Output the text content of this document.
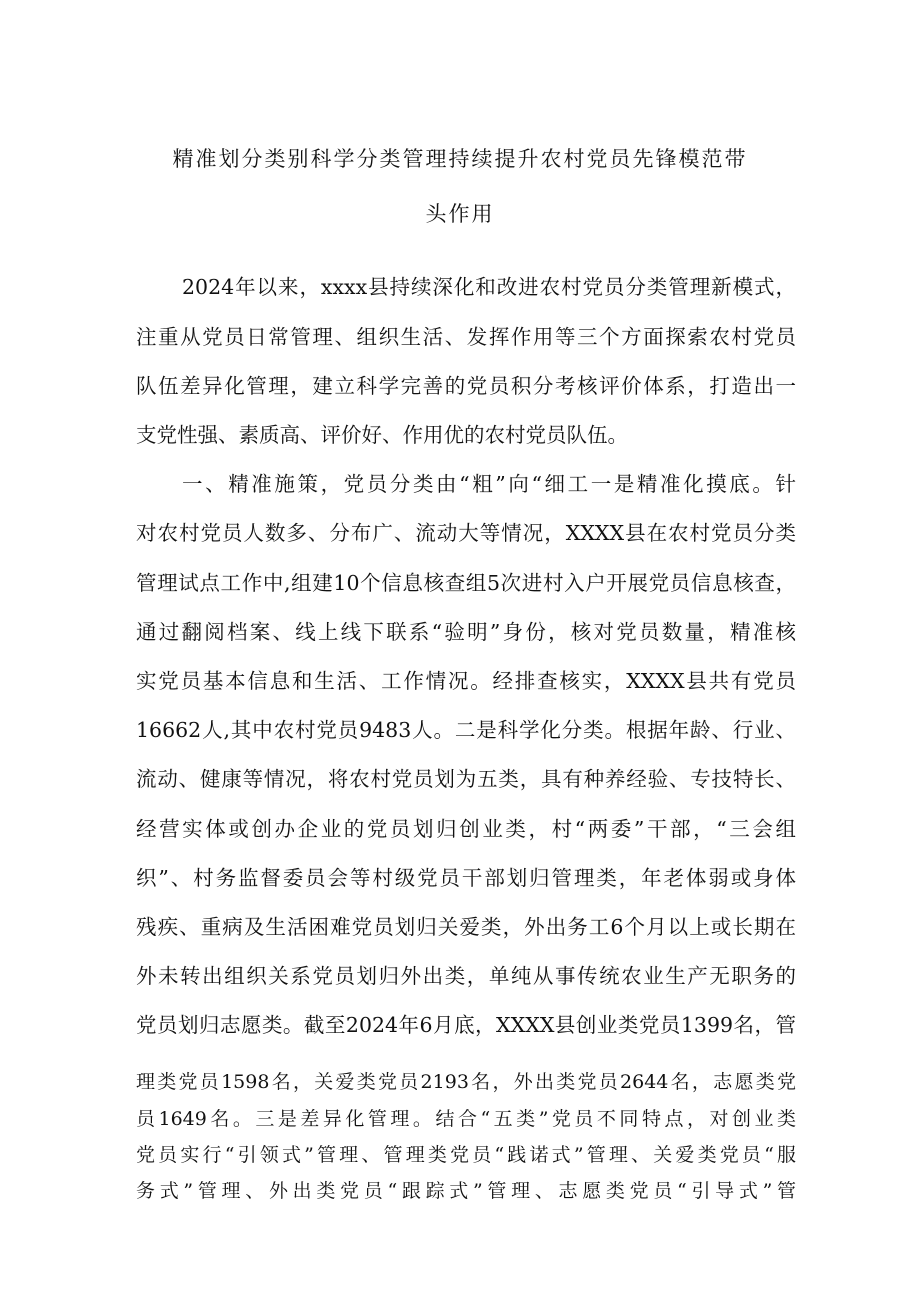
精准划分类别科学分类管理持续提升农村党员先锋模范带
头作用
2024年以来，xxxx县持续深化和改进农村党员分类管理新模式，
注重从党员日常管理、组织生活、发挥作用等三个方面探索农村党员
队伍差异化管理，建立科学完善的党员积分考核评价体系，打造出一
支党性强、素质高、评价好、作用优的农村党员队伍。
一、精准施策，党员分类由“粗”向“细工一是精准化摸底。针
对农村党员人数多、分布广、流动大等情况，XXXX县在农村党员分类
管理试点工作中,组建10个信息核查组5次进村入户开展党员信息核查，
通过翻阅档案、线上线下联系“验明”身份，核对党员数量，精准核
实党员基本信息和生活、工作情况。经排查核实，XXXX县共有党员
16662人,其中农村党员9483人。二是科学化分类。根据年龄、行业、
流动、健康等情况，将农村党员划为五类，具有种养经验、专技特长、
经营实体或创办企业的党员划归创业类，村“两委”干部，“三会组
织”、村务监督委员会等村级党员干部划归管理类，年老体弱或身体
残疾、重病及生活困难党员划归关爱类，外出务工6个月以上或长期在
外未转出组织关系党员划归外出类，单纯从事传统农业生产无职务的
党员划归志愿类。截至2024年6月底，XXXX县创业类党员1399名，管
理类党员1598名，关爱类党员2193名，外出类党员2644名，志愿类党
员1649名。三是差异化管理。结合“五类”党员不同特点，对创业类
党员实行“引领式”管理、管理类党员“践诺式”管理、关爱类党员“服
务式”管理、外出类党员“跟踪式”管理、志愿类党员“引导式”管
